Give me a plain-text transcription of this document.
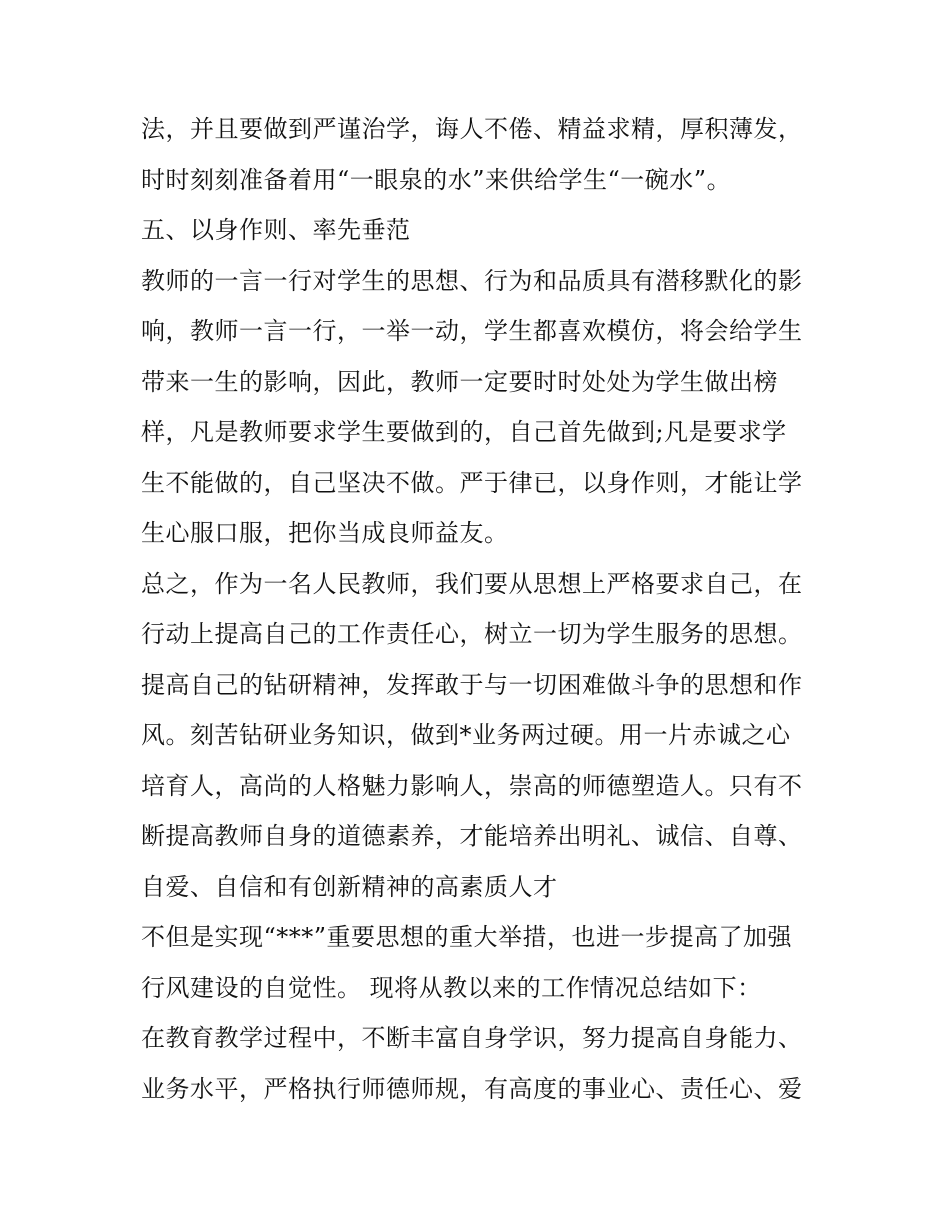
法，并且要做到严谨治学，诲人不倦、精益求精，厚积薄发，
时时刻刻准备着用“一眼泉的水”来供给学生“一碗水”。
五、以身作则、率先垂范
教师的一言一行对学生的思想、行为和品质具有潜移默化的影
响，教师一言一行，一举一动，学生都喜欢模仿，将会给学生
带来一生的影响，因此，教师一定要时时处处为学生做出榜
样，凡是教师要求学生要做到的，自己首先做到;凡是要求学
生不能做的，自己坚决不做。严于律已，以身作则，才能让学
生心服口服，把你当成良师益友。
总之，作为一名人民教师，我们要从思想上严格要求自己，在
行动上提高自己的工作责任心，树立一切为学生服务的思想。
提高自己的钻研精神，发挥敢于与一切困难做斗争的思想和作
风。刻苦钻研业务知识，做到*业务两过硬。用一片赤诚之心
培育人，高尚的人格魅力影响人，崇高的师德塑造人。只有不
断提高教师自身的道德素养，才能培养出明礼、诚信、自尊、
自爱、自信和有创新精神的高素质人才
不但是实现“***”重要思想的重大举措，也进一步提高了加强
行风建设的自觉性。 现将从教以来的工作情况总结如下：
在教育教学过程中，不断丰富自身学识，努力提高自身能力、
业务水平，严格执行师德师规，有高度的事业心、责任心、爱
